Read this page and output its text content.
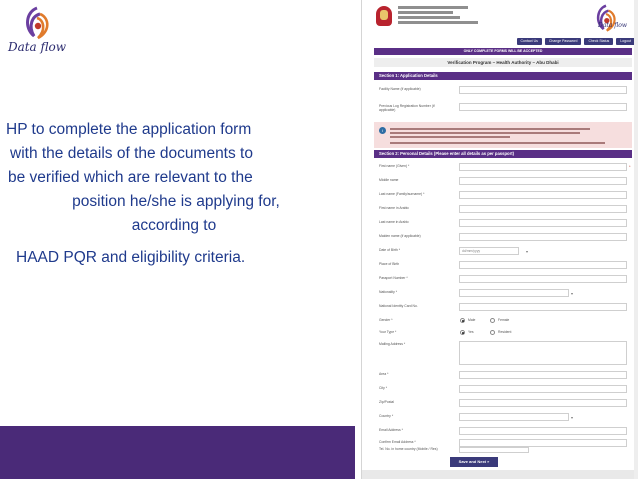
Data flow
HP to complete the application form
with the details of the documents to
be verified which are relevant to the
position he/she is applying for,
according to
HAAD PQR and eligibility criteria.
Data flow
Contact Us	Change Password	Check Status	Logout
ONLY COMPLETE FORMS WILL BE ACCEPTED
Verification Program – Health Authority – Abu Dhabi
Section 1: Application Details
Facility Name (if applicable)
Previous Log Registration Number (if applicable)
i
Section 2: Personal Details (Please enter all details as per passport)
First name (Given) *	*
Middle name
Last name (Family/surname) *
First name in Arabic
Last name in Arabic
Maiden name (if applicable)
Date of Birth *	dd/mm/yyyy	▾
Place of Birth
Passport Number *
Nationality *	▾
National Identity Card No.
Gender *	Male	Female
Your Type *	Yes	Resident
Mailing Address *
Area *
City *
Zip/Postal
Country *	▾
Email Address *
Confirm Email Address *
Tel. No. in home country (Mobile / Res)
Save and Next »
